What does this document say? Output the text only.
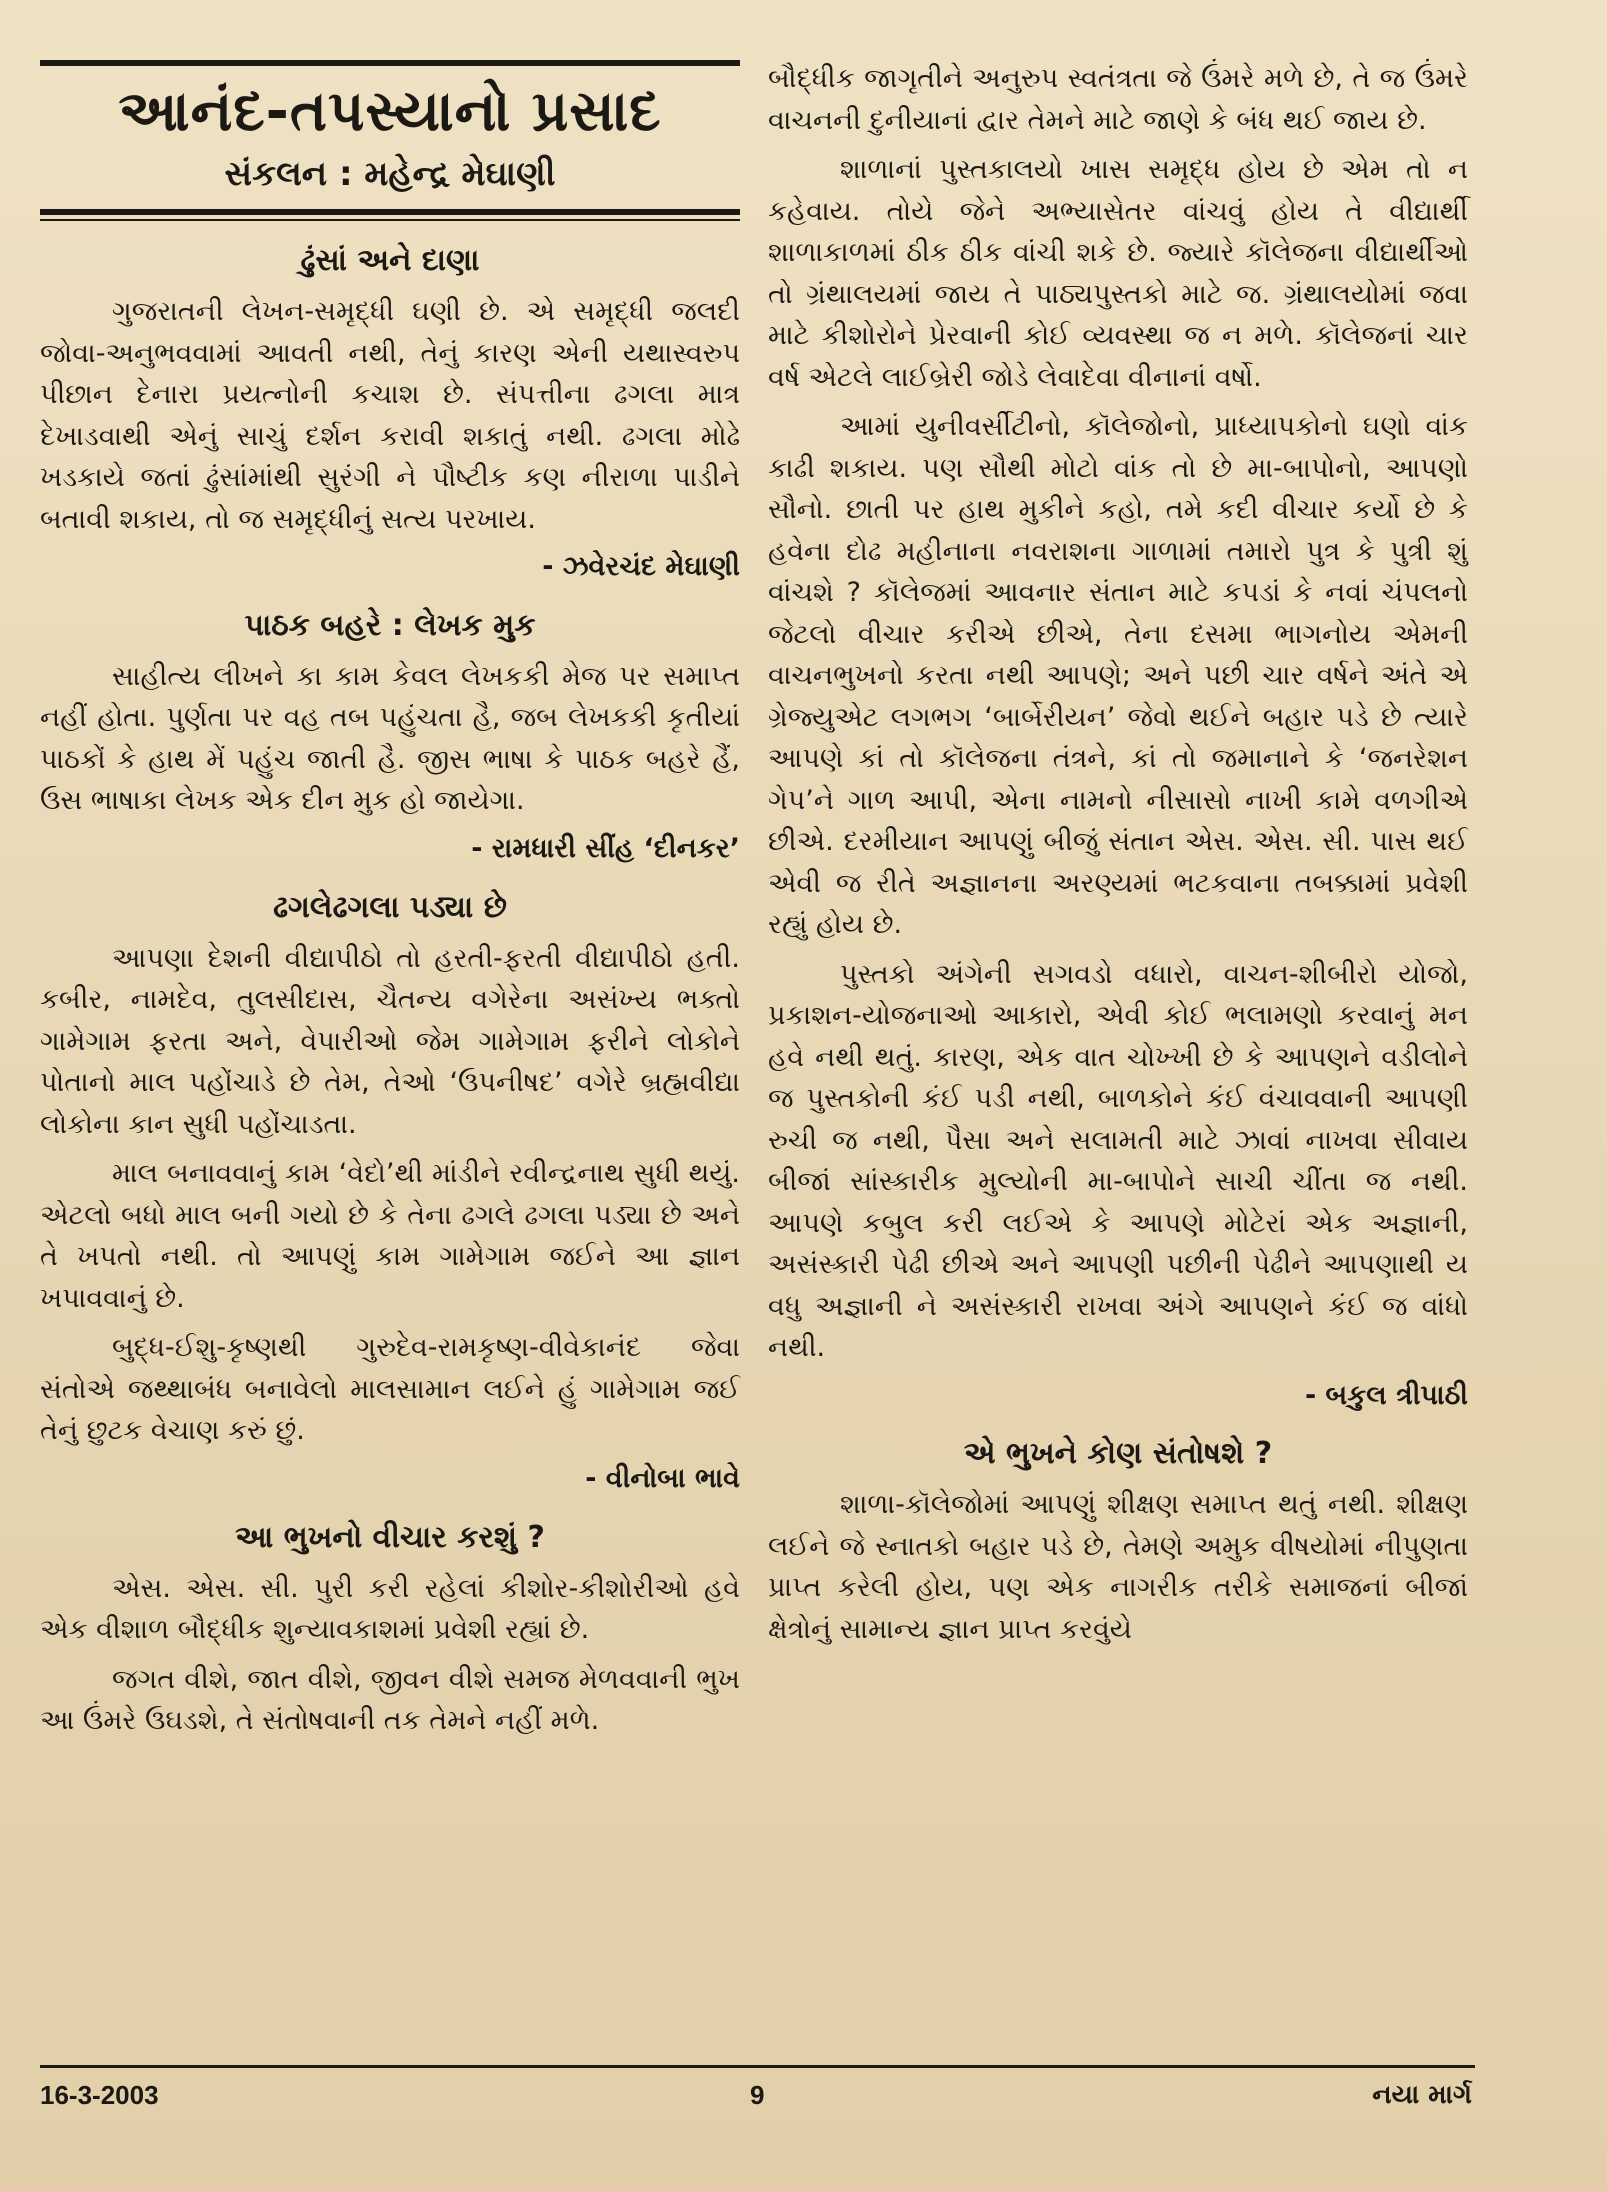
આનંદ-તપસ્યાનો પ્રસાદ
સંકલન : મહેન્દ્ર મેઘાણી
ઢુંસાં અને દાણા

ગુજરાતની લેખન-સમૃદ્ધી ઘણી છે. એ સમૃદ્ધી જલદી જોવા-અનુભવવામાં આવતી નથી, તેનું કારણ એની યથાસ્વરુપ પીછાન દેનારા પ્રયત્નોની કચાશ છે. સંપત્તીના ઢગલા માત્ર દેખાડવાથી એનું સાચું દર્શન કરાવી શકાતું નથી. ઢગલા મોઢે ખડકાયે જતાં ઢુંસાંમાંથી સુરંગી ને પૌષ્ટીક કણ નીરાળા પાડીને બતાવી શકાય, તો જ સમૃદ્ધીનું સત્ય પરખાય.

- ઝવેરચંદ મેઘાણી
પાઠક બહરે : લેખક મુક

સાહીત્ય લીખને કા કામ કેવલ લેખકકી મેજ પર સમાપ્ત નહીં હોતા. પુર્ણતા પર વહ તબ પહુંચતા હૈ, જબ લેખકકી કૃતીયાં પાઠકોં કે હાથ મેં પહુંચ જાતી હૈ. જીસ ભાષા કે પાઠક બહરે હૈં, ઉસ ભાષાકા લેખક એક દીન મુક હો જાયેગા.

- રામધારી સીંહ ‘દીનકર’
ઢગલેઢગલા પડ્યા છે

આપણા દેશની વીદ્યાપીઠો તો હરતી-ફરતી વીદ્યાપીઠો હતી. કબીર, નામદેવ, તુલસીદાસ, ચૈતન્ય વગેરેના અસંખ્ય ભક્તો ગામેગામ ફરતા અને, વેપારીઓ જેમ ગામેગામ ફરીને લોકોને પોતાનો માલ પહોંચાડે છે તેમ, તેઓ ‘ઉપનીષદ’ વગેરે બ્રહ્મવીદ્યા લોકોના કાન સુધી પહોંચાડતા.

માલ બનાવવાનું કામ ‘વેદો’થી માંડીને રવીન્દ્રનાથ સુધી થયું. એટલો બધો માલ બની ગયો છે કે તેના ઢગલે ઢગલા પડ્યા છે અને તે ખપતો નથી. તો આપણું કામ ગામેગામ જઈને આ જ્ઞાન ખપાવવાનું છે.

બુદ્ધ-ઈશુ-કૃષ્ણથી ગુરુદેવ-રામકૃષ્ણ-વીવેકાનંદ જેવા સંતોએ જથ્થાબંધ બનાવેલો માલસામાન લઈને હું ગામેગામ જઈ તેનું છુટક વેચાણ કરું છું.

- વીનોબા ભાવે
આ ભુખનો વીચાર કરશું ?

એસ. એસ. સી. પુરી કરી રહેલાં કીશોર-કીશોરીઓ હવે એક વીશાળ બૌદ્ધીક શુન્યાવકાશમાં પ્રવેશી રહ્યાં છે.

જગત વીશે, જાત વીશે, જીવન વીશે સમજ મેળવવાની ભુખ આ ઉંમરે ઉઘડશે, તે સંતોષવાની તક તેમને નહીં મળે.

બૌદ્ધીક જાગૃતીને અનુરુપ સ્વતંત્રતા જે ઉંમરે મળે છે, તે જ ઉંમરે વાચનની દુનીયાનાં દ્વાર તેમને માટે જાણે કે બંધ થઈ જાય છે.

શાળાનાં પુસ્તકાલયો ખાસ સમૃદ્ધ હોય છે એમ તો ન કહેવાય. તોયે જેને અભ્યાસેતર વાંચવું હોય તે વીદ્યાર્થી શાળાકાળમાં ઠીક ઠીક વાંચી શકે છે. જ્યારે કૉલેજના વીદ્યાર્થીઓ તો ગ્રંથાલયમાં જાય તે પાઠ્યપુસ્તકો માટે જ. ગ્રંથાલયોમાં જવા માટે કીશોરોને પ્રેરવાની કોઈ વ્યવસ્થા જ ન મળે. કૉલેજનાં ચાર વર્ષ એટલે લાઈબ્રેરી જોડે લેવાદેવા વીનાનાં વર્ષો.

આમાં યુનીવર્સીટીનો, કૉલેજોનો, પ્રાધ્યાપકોનો ઘણો વાંક કાઢી શકાય. પણ સૌથી મોટો વાંક તો છે મા-બાપોનો, આપણો સૌનો. છાતી પર હાથ મુકીને કહો, તમે કદી વીચાર કર્યો છે કે હવેના દોઢ મહીનાના નવરાશના ગાળામાં તમારો પુત્ર કે પુત્રી શું વાંચશે ? કૉલેજમાં આવનાર સંતાન માટે કપડાં કે નવાં ચંપલનો જેટલો વીચાર કરીએ છીએ, તેના દસમા ભાગનોય એમની વાચનભુખનો કરતા નથી આપણે; અને પછી ચાર વર્ષને અંતે એ ગ્રેજ્યુએટ લગભગ ‘બાર્બેરીયન’ જેવો થઈને બહાર પડે છે ત્યારે આપણે કાં તો કૉલેજના તંત્રને, કાં તો જમાનાને કે ‘જનરેશન ગેપ’ને ગાળ આપી, એના નામનો નીસાસો નાખી કામે વળગીએ છીએ. દરમીયાન આપણું બીજું સંતાન એસ. એસ. સી. પાસ થઈ એવી જ રીતે અજ્ઞાનના અરણ્યમાં ભટકવાના તબક્કામાં પ્રવેશી રહ્યું હોય છે.

પુસ્તકો અંગેની સગવડો વધારો, વાચન-શીબીરો યોજો, પ્રકાશન-યોજનાઓ આકારો, એવી કોઈ ભલામણો કરવાનું મન હવે નથી થતું. કારણ, એક વાત ચોખ્ખી છે કે આપણને વડીલોને જ પુસ્તકોની કંઈ પડી નથી, બાળકોને કંઈ વંચાવવાની આપણી રુચી જ નથી, પૈસા અને સલામતી માટે ઝાવાં નાખવા સીવાય બીજાં સાંસ્કારીક મુલ્યોની મા-બાપોને સાચી ચીંતા જ નથી. આપણે કબુલ કરી લઈએ કે આપણે મોટેરાં એક અજ્ઞાની, અસંસ્કારી પેઢી છીએ અને આપણી પછીની પેઢીને આપણાથી ય વધુ અજ્ઞાની ને અસંસ્કારી રાખવા અંગે આપણને કંઈ જ વાંધો નથી.

- બકુલ ત્રીપાઠી
એ ભુખને કોણ સંતોષશે ?

શાળા-કૉલેજોમાં આપણું શીક્ષણ સમાપ્ત થતું નથી. શીક્ષણ લઈને જે સ્નાતકો બહાર પડે છે, તેમણે અમુક વીષયોમાં નીપુણતા પ્રાપ્ત કરેલી હોય, પણ એક નાગરીક તરીકે સમાજનાં બીજાં ક્ષેત્રોનું સામાન્ય જ્ઞાન પ્રાપ્ત કરવુંયે

16-3-2003	9	નયા માર્ગ
